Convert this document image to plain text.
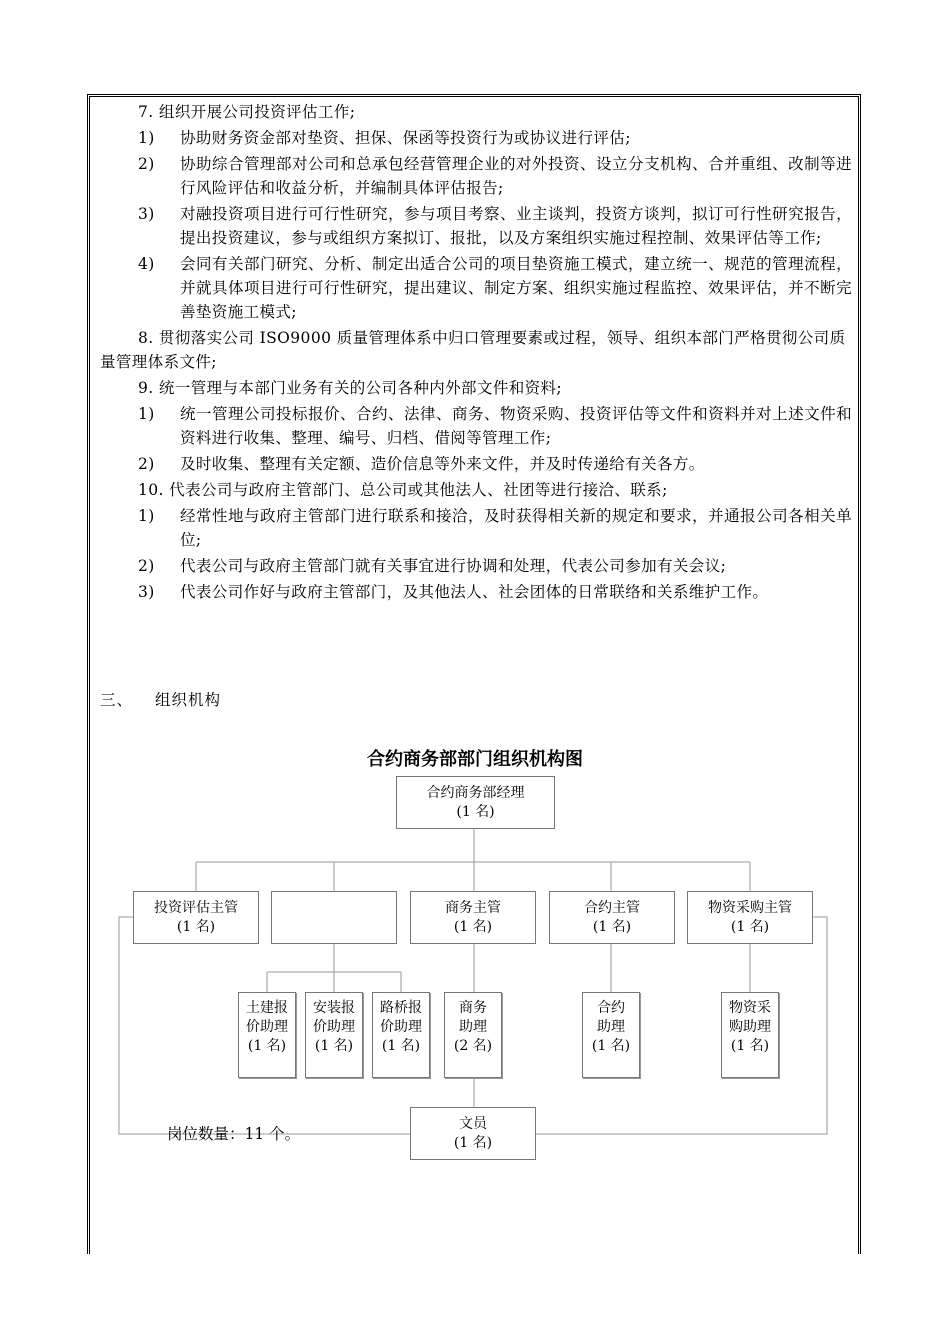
7. 组织开展公司投资评估工作;
1) 协助财务资金部对垫资、担保、保函等投资行为或协议进行评估;
2) 协助综合管理部对公司和总承包经营管理企业的对外投资、设立分支机构、合并重组、改制等进行风险评估和收益分析，并编制具体评估报告;
3) 对融投资项目进行可行性研究，参与项目考察、业主谈判，投资方谈判，拟订可行性研究报告，提出投资建议，参与或组织方案拟订、报批，以及方案组织实施过程控制、效果评估等工作;
4) 会同有关部门研究、分析、制定出适合公司的项目垫资施工模式，建立统一、规范的管理流程，并就具体项目进行可行性研究，提出建议、制定方案、组织实施过程监控、效果评估，并不断完善垫资施工模式;
8. 贯彻落实公司 ISO9000 质量管理体系中归口管理要素或过程，领导、组织本部门严格贯彻公司质量管理体系文件;
9. 统一管理与本部门业务有关的公司各种内外部文件和资料;
1) 统一管理公司投标报价、合约、法律、商务、物资采购、投资评估等文件和资料并对上述文件和资料进行收集、整理、编号、归档、借阅等管理工作;
2) 及时收集、整理有关定额、造价信息等外来文件，并及时传递给有关各方。
10. 代表公司与政府主管部门、总公司或其他法人、社团等进行接洽、联系;
1) 经常性地与政府主管部门进行联系和接洽，及时获得相关新的规定和要求，并通报公司各相关单位;
2) 代表公司与政府主管部门就有关事宜进行协调和处理，代表公司参加有关会议;
3) 代表公司作好与政府主管部门，及其他法人、社会团体的日常联络和关系维护工作。
三、 组织机构
合约商务部部门组织机构图
合约商务部经理
(1 名)
投资评估主管
(1 名)
商务主管
(1 名)
合约主管
(1 名)
物资采购主管
(1 名)
土建报
价助理
(1 名)
安装报
价助理
(1 名)
路桥报
价助理
(1 名)
商务
助理
(2 名)
合约
助理
(1 名)
物资采
购助理
(1 名)
文员
(1 名)
岗位数量：11 个。
